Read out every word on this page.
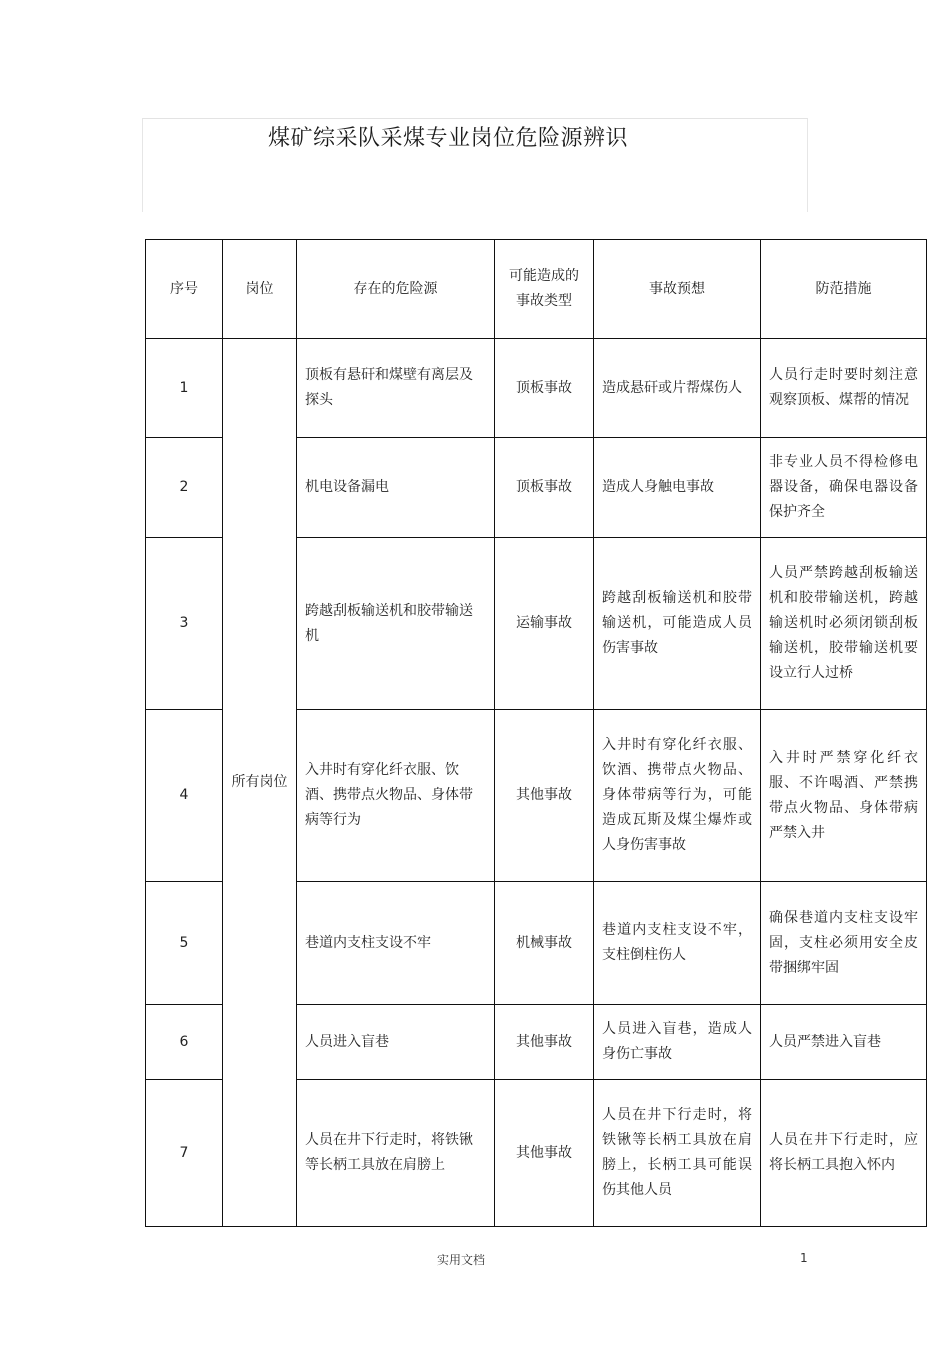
煤矿综采队采煤专业岗位危险源辨识
序号	岗位	存在的危险源	可能造成的事故类型	事故预想	防范措施
1	所有岗位	顶板有悬矸和煤壁有离层及探头	顶板事故	造成悬矸或片帮煤伤人	人员行走时要时刻注意观察顶板、煤帮的情况
2		机电设备漏电	顶板事故	造成人身触电事故	非专业人员不得检修电器设备，确保电器设备保护齐全
3		跨越刮板输送机和胶带输送机	运输事故	跨越刮板输送机和胶带输送机，可能造成人员伤害事故	人员严禁跨越刮板输送机和胶带输送机，跨越输送机时必须闭锁刮板输送机，胶带输送机要设立行人过桥
4		入井时有穿化纤衣服、饮酒、携带点火物品、身体带病等行为	其他事故	入井时有穿化纤衣服、饮酒、携带点火物品、身体带病等行为，可能造成瓦斯及煤尘爆炸或人身伤害事故	入井时严禁穿化纤衣服、不许喝酒、严禁携带点火物品、身体带病严禁入井
5		巷道内支柱支设不牢	机械事故	巷道内支柱支设不牢，支柱倒柱伤人	确保巷道内支柱支设牢固，支柱必须用安全皮带捆绑牢固
6		人员进入盲巷	其他事故	人员进入盲巷，造成人身伤亡事故	人员严禁进入盲巷
7		人员在井下行走时，将铁锹等长柄工具放在肩膀上	其他事故	人员在井下行走时，将铁锹等长柄工具放在肩膀上，长柄工具可能误伤其他人员	人员在井下行走时，应将长柄工具抱入怀内
实用文档	1
